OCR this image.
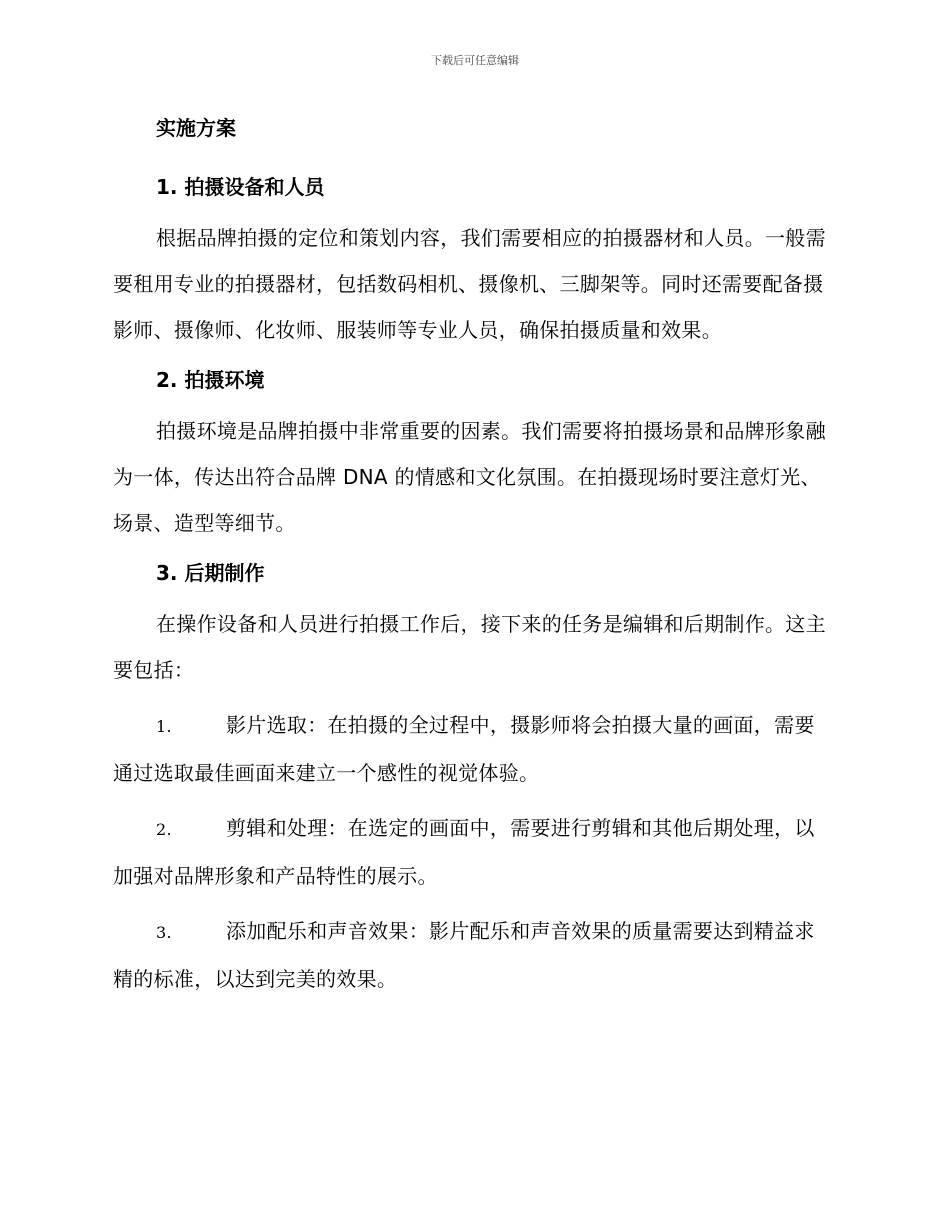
下载后可任意编辑
实施方案
1. 拍摄设备和人员

根据品牌拍摄的定位和策划内容，我们需要相应的拍摄器材和人员。一般需要租用专业的拍摄器材，包括数码相机、摄像机、三脚架等。同时还需要配备摄影师、摄像师、化妆师、服装师等专业人员，确保拍摄质量和效果。

2. 拍摄环境

拍摄环境是品牌拍摄中非常重要的因素。我们需要将拍摄场景和品牌形象融为一体，传达出符合品牌 DNA 的情感和文化氛围。在拍摄现场时要注意灯光、场景、造型等细节。

3. 后期制作

在操作设备和人员进行拍摄工作后，接下来的任务是编辑和后期制作。这主要包括：

1.	影片选取：在拍摄的全过程中，摄影师将会拍摄大量的画面，需要通过选取最佳画面来建立一个感性的视觉体验。

2.	剪辑和处理：在选定的画面中，需要进行剪辑和其他后期处理，以加强对品牌形象和产品特性的展示。

3.	添加配乐和声音效果：影片配乐和声音效果的质量需要达到精益求精的标准，以达到完美的效果。
